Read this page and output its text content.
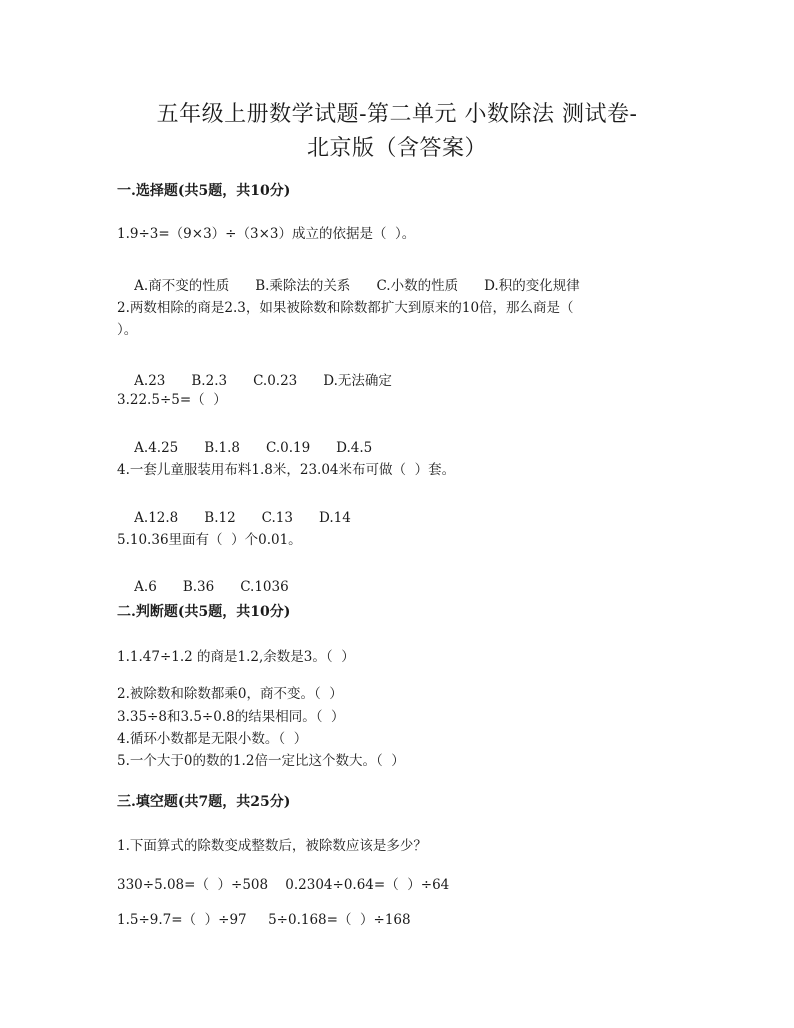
五年级上册数学试题-第二单元 小数除法 测试卷-
北京版（含答案）
一.选择题(共5题，共10分)
1.9÷3=（9×3）÷（3×3）成立的依据是（  ）。

A.商不变的性质 B.乘除法的关系 C.小数的性质 D.积的变化规律

2.两数相除的商是2.3，如果被除数和除数都扩大到原来的10倍，那么商是（
）。

A.23 B.2.3 C.0.23 D.无法确定

3.22.5÷5=（  ）

A.4.25 B.1.8 C.0.19 D.4.5

4.一套儿童服装用布料1.8米，23.04米布可做（  ）套。

A.12.8 B.12 C.13 D.14

5.10.36里面有（  ）个0.01。

A.6 B.36 C.1036

二.判断题(共5题，共10分)
1.1.47÷1.2 的商是1.2,余数是3。（  ）
2.被除数和除数都乘0，商不变。（  ）
3.35÷8和3.5÷0.8的结果相同。（  ）
4.循环小数都是无限小数。（  ）
5.一个大于0的数的1.2倍一定比这个数大。（  ）
三.填空题(共7题，共25分)
1.下面算式的除数变成整数后，被除数应该是多少？
330÷5.08=（  ）÷508    0.2304÷0.64=（  ）÷64
1.5÷9.7=（  ）÷97     5÷0.168=（  ）÷168
